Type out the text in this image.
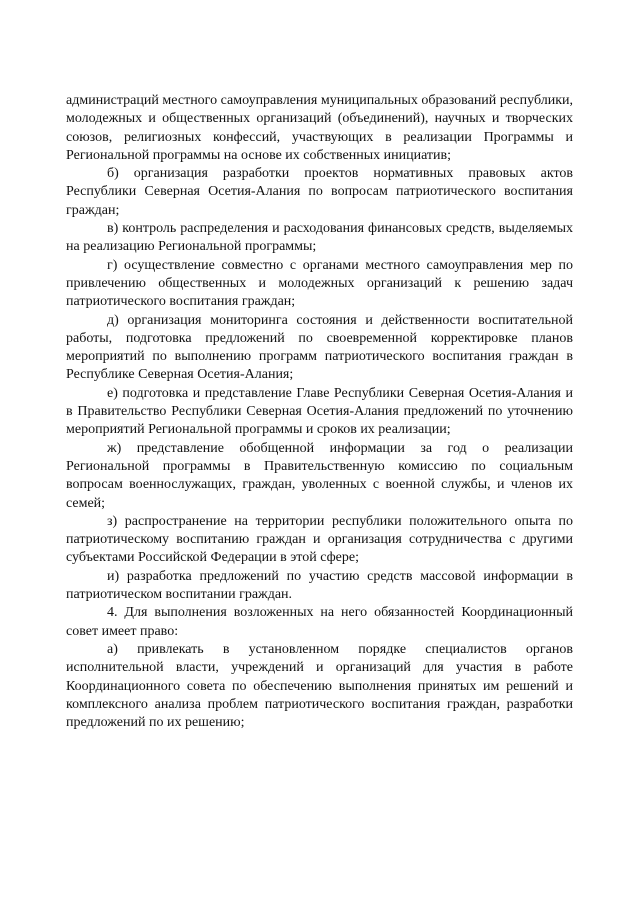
администраций местного самоуправления муниципальных образований республики, молодежных и общественных организаций (объединений), научных и творческих союзов, религиозных конфессий, участвующих в реализации Программы и Региональной программы на основе их собственных инициатив;

б) организация разработки проектов нормативных правовых актов Республики Северная Осетия-Алания по вопросам патриотического воспитания граждан;

в) контроль распределения и расходования финансовых средств, выделяемых на реализацию Региональной программы;

г) осуществление совместно с органами местного самоуправления мер по привлечению общественных и молодежных организаций к решению задач патриотического воспитания граждан;

д) организация мониторинга состояния и действенности воспитательной работы, подготовка предложений по своевременной корректировке планов мероприятий по выполнению программ патриотического воспитания граждан в Республике Северная Осетия-Алания;

е) подготовка и представление Главе Республики Северная Осетия-Алания и в Правительство Республики Северная Осетия-Алания предложений по уточнению мероприятий Региональной программы и сроков их реализации;

ж) представление обобщенной информации за год о реализации Региональной программы в Правительственную комиссию по социальным вопросам военнослужащих, граждан, уволенных с военной службы, и членов их семей;

з) распространение на территории республики положительного опыта по патриотическому воспитанию граждан и организация сотрудничества с другими субъектами Российской Федерации в этой сфере;

и) разработка предложений по участию средств массовой информации в патриотическом воспитании граждан.

4. Для выполнения возложенных на него обязанностей Координационный совет имеет право:

а) привлекать в установленном порядке специалистов органов исполнительной власти, учреждений и организаций для участия в работе Координационного совета по обеспечению выполнения принятых им решений и комплексного анализа проблем патриотического воспитания граждан, разработки предложений по их решению;
